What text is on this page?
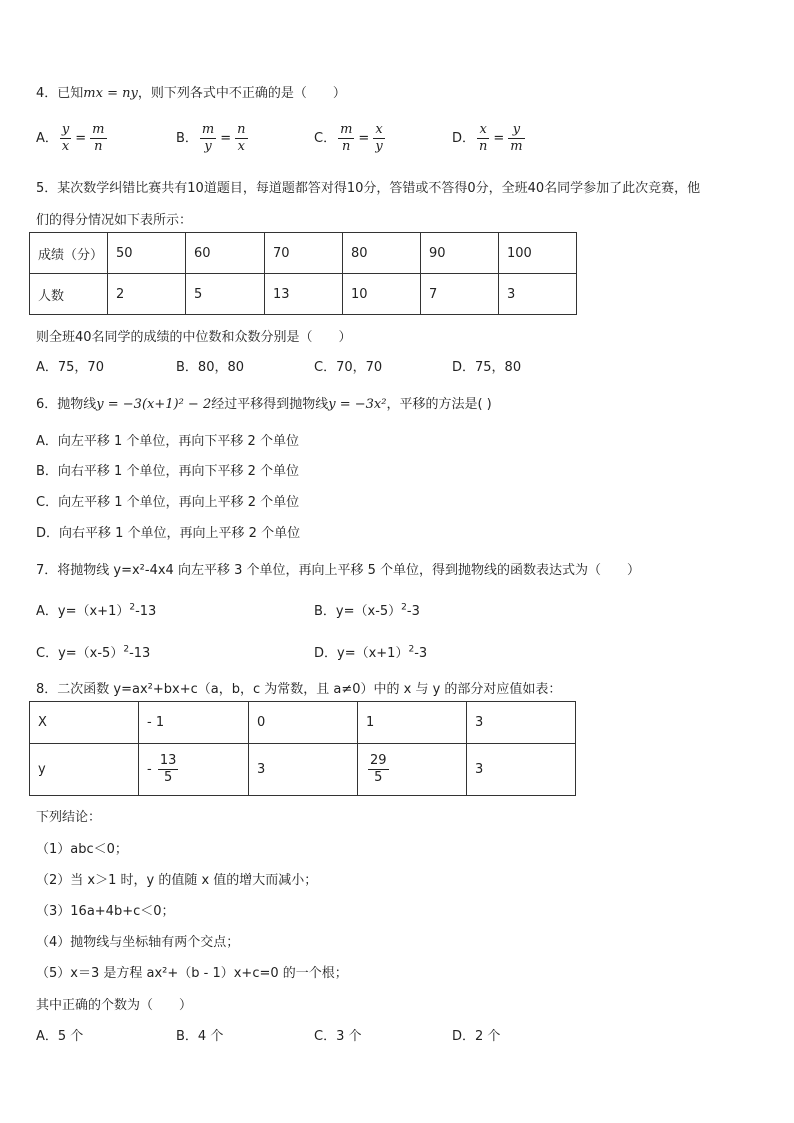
4．已知mx = ny，则下列各式中不正确的是（　　）
A． $\frac{y}{x} = \frac{m}{n}$	B． $\frac{m}{y} = \frac{n}{x}$	C． $\frac{m}{n} = \frac{x}{y}$	D． $\frac{x}{n} = \frac{y}{m}$
5．某次数学纠错比赛共有10道题目，每道题都答对得10分，答错或不答得0分，全班40名同学参加了此次竞赛，他
们的得分情况如下表所示：
成绩（分）	50	60	70	80	90	100
人数	2	5	13	10	7	3
则全班40名同学的成绩的中位数和众数分别是（　　）
A．75，70	B．80，80	C．70，70	D．75，80
6．抛物线y = −3(x+1)² − 2经过平移得到抛物线y = −3x²，平移的方法是( )
A．向左平移 1 个单位，再向下平移 2 个单位
B．向右平移 1 个单位，再向下平移 2 个单位
C．向左平移 1 个单位，再向上平移 2 个单位
D．向右平移 1 个单位，再向上平移 2 个单位
7．将抛物线 y=x²-4x4 向左平移 3 个单位，再向上平移 5 个单位，得到抛物线的函数表达式为（　　）
A．$y=(x+1)^2-13$	B．$y=(x-5)^2-3$
C．$y=(x-5)^2-13$	D．$y=(x+1)^2-3$
8．二次函数 y=ax²+bx+c（a，b，c 为常数，且 a≠0）中的 x 与 y 的部分对应值如表：
X	- 1	0	1	3
y	- $\frac{13}{5}$	3	$\frac{29}{5}$	3
下列结论：
（1）abc＜0；
（2）当 x＞1 时，y 的值随 x 值的增大而减小；
（3）16a+4b+c＜0；
（4）抛物线与坐标轴有两个交点；
（5）x＝3 是方程 ax²+（b - 1）x+c=0 的一个根；
其中正确的个数为（　　）
A．5 个	B．4 个	C．3 个	D．2 个
